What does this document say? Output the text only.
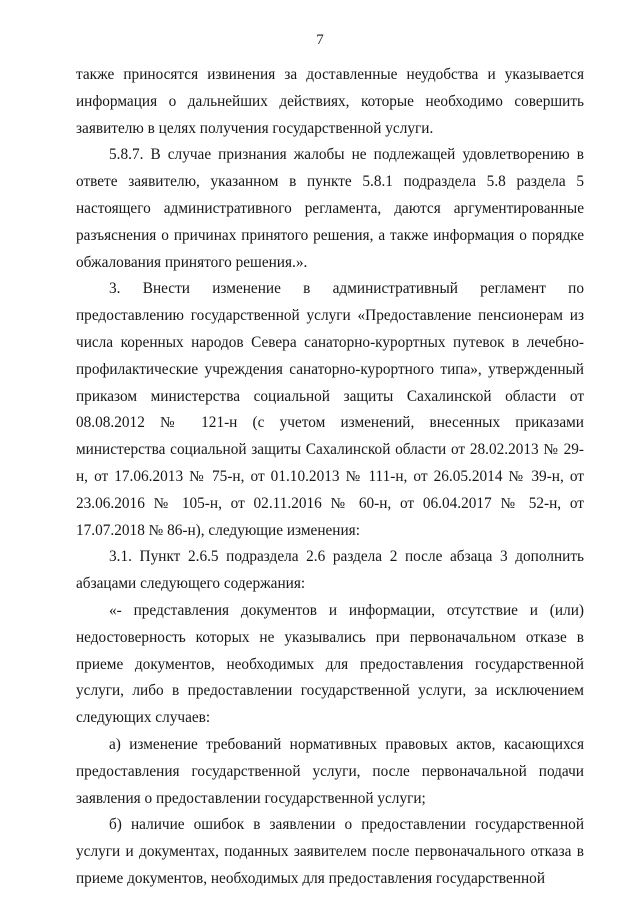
7

также приносятся извинения за доставленные неудобства и указывается информация о дальнейших действиях, которые необходимо совершить заявителю в целях получения государственной услуги.

5.8.7. В случае признания жалобы не подлежащей удовлетворению в ответе заявителю, указанном в пункте 5.8.1 подраздела 5.8 раздела 5 настоящего административного регламента, даются аргументированные разъяснения о причинах принятого решения, а также информация о порядке обжалования принятого решения.».

3. Внести изменение в административный регламент по предоставлению государственной услуги «Предоставление пенсионерам из числа коренных народов Севера санаторно-курортных путевок в лечебно-профилактические учреждения санаторно-курортного типа», утвержденный приказом министерства социальной защиты Сахалинской области от 08.08.2012 № 121-н (с учетом изменений, внесенных приказами министерства социальной защиты Сахалинской области от 28.02.2013 № 29-н, от 17.06.2013 № 75-н, от 01.10.2013 № 111-н, от 26.05.2014 № 39-н, от 23.06.2016 № 105-н, от 02.11.2016 № 60-н, от 06.04.2017 № 52-н, от 17.07.2018 № 86-н), следующие изменения:

3.1. Пункт 2.6.5 подраздела 2.6 раздела 2 после абзаца 3 дополнить абзацами следующего содержания:

«- представления документов и информации, отсутствие и (или) недостоверность которых не указывались при первоначальном отказе в приеме документов, необходимых для предоставления государственной услуги, либо в предоставлении государственной услуги, за исключением следующих случаев:

а) изменение требований нормативных правовых актов, касающихся предоставления государственной услуги, после первоначальной подачи заявления о предоставлении государственной услуги;

б) наличие ошибок в заявлении о предоставлении государственной услуги и документах, поданных заявителем после первоначального отказа в приеме документов, необходимых для предоставления государственной
